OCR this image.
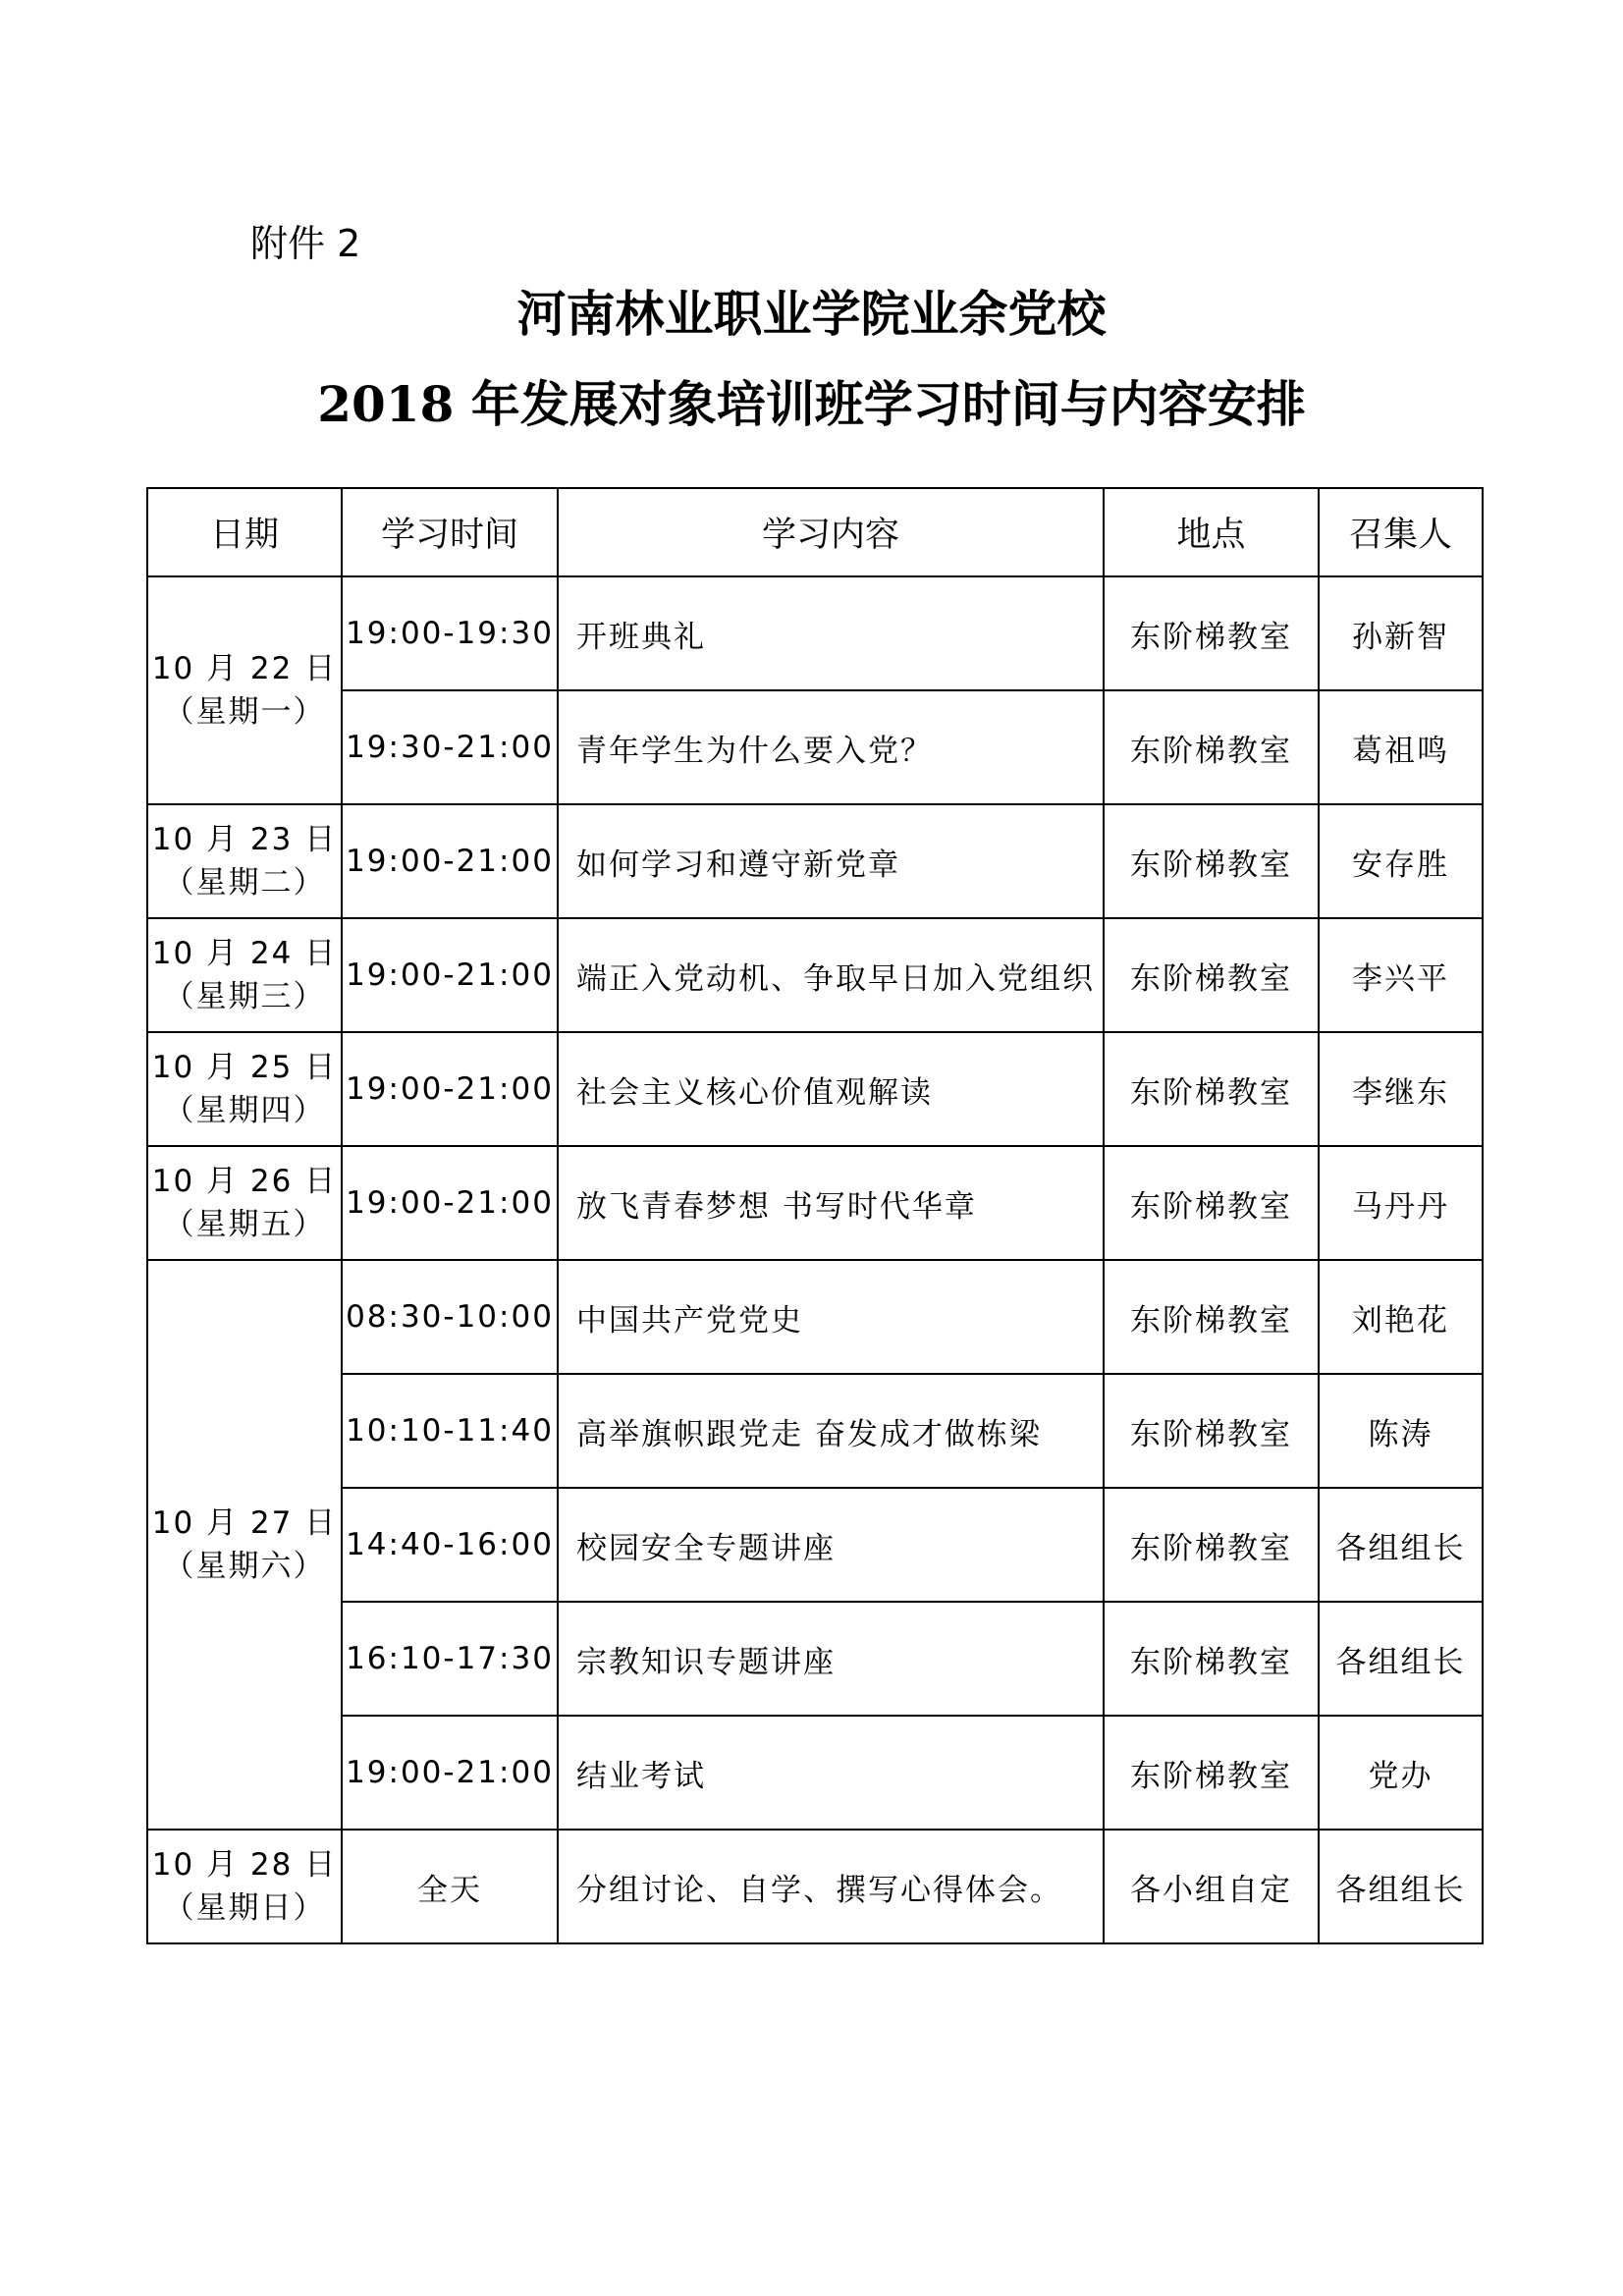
附件 2
河南林业职业学院业余党校
2018 年发展对象培训班学习时间与内容安排
日期	学习时间	学习内容	地点	召集人

10 月 22 日
（星期一）	19:00-19:30	开班典礼	东阶梯教室	孙新智
	19:30-21:00	青年学生为什么要入党？	东阶梯教室	葛祖鸣

10 月 23 日
（星期二）	19:00-21:00	如何学习和遵守新党章	东阶梯教室	安存胜

10 月 24 日
（星期三）	19:00-21:00	端正入党动机、争取早日加入党组织	东阶梯教室	李兴平

10 月 25 日
（星期四）	19:00-21:00	社会主义核心价值观解读	东阶梯教室	李继东

10 月 26 日
（星期五）	19:00-21:00	放飞青春梦想 书写时代华章	东阶梯教室	马丹丹

10 月 27 日
（星期六）	08:30-10:00	中国共产党党史	东阶梯教室	刘艳花
	10:10-11:40	高举旗帜跟党走 奋发成才做栋梁	东阶梯教室	陈涛
	14:40-16:00	校园安全专题讲座	东阶梯教室	各组组长
	16:10-17:30	宗教知识专题讲座	东阶梯教室	各组组长
	19:00-21:00	结业考试	东阶梯教室	党办

10 月 28 日
（星期日）	全天	分组讨论、自学、撰写心得体会。	各小组自定	各组组长
